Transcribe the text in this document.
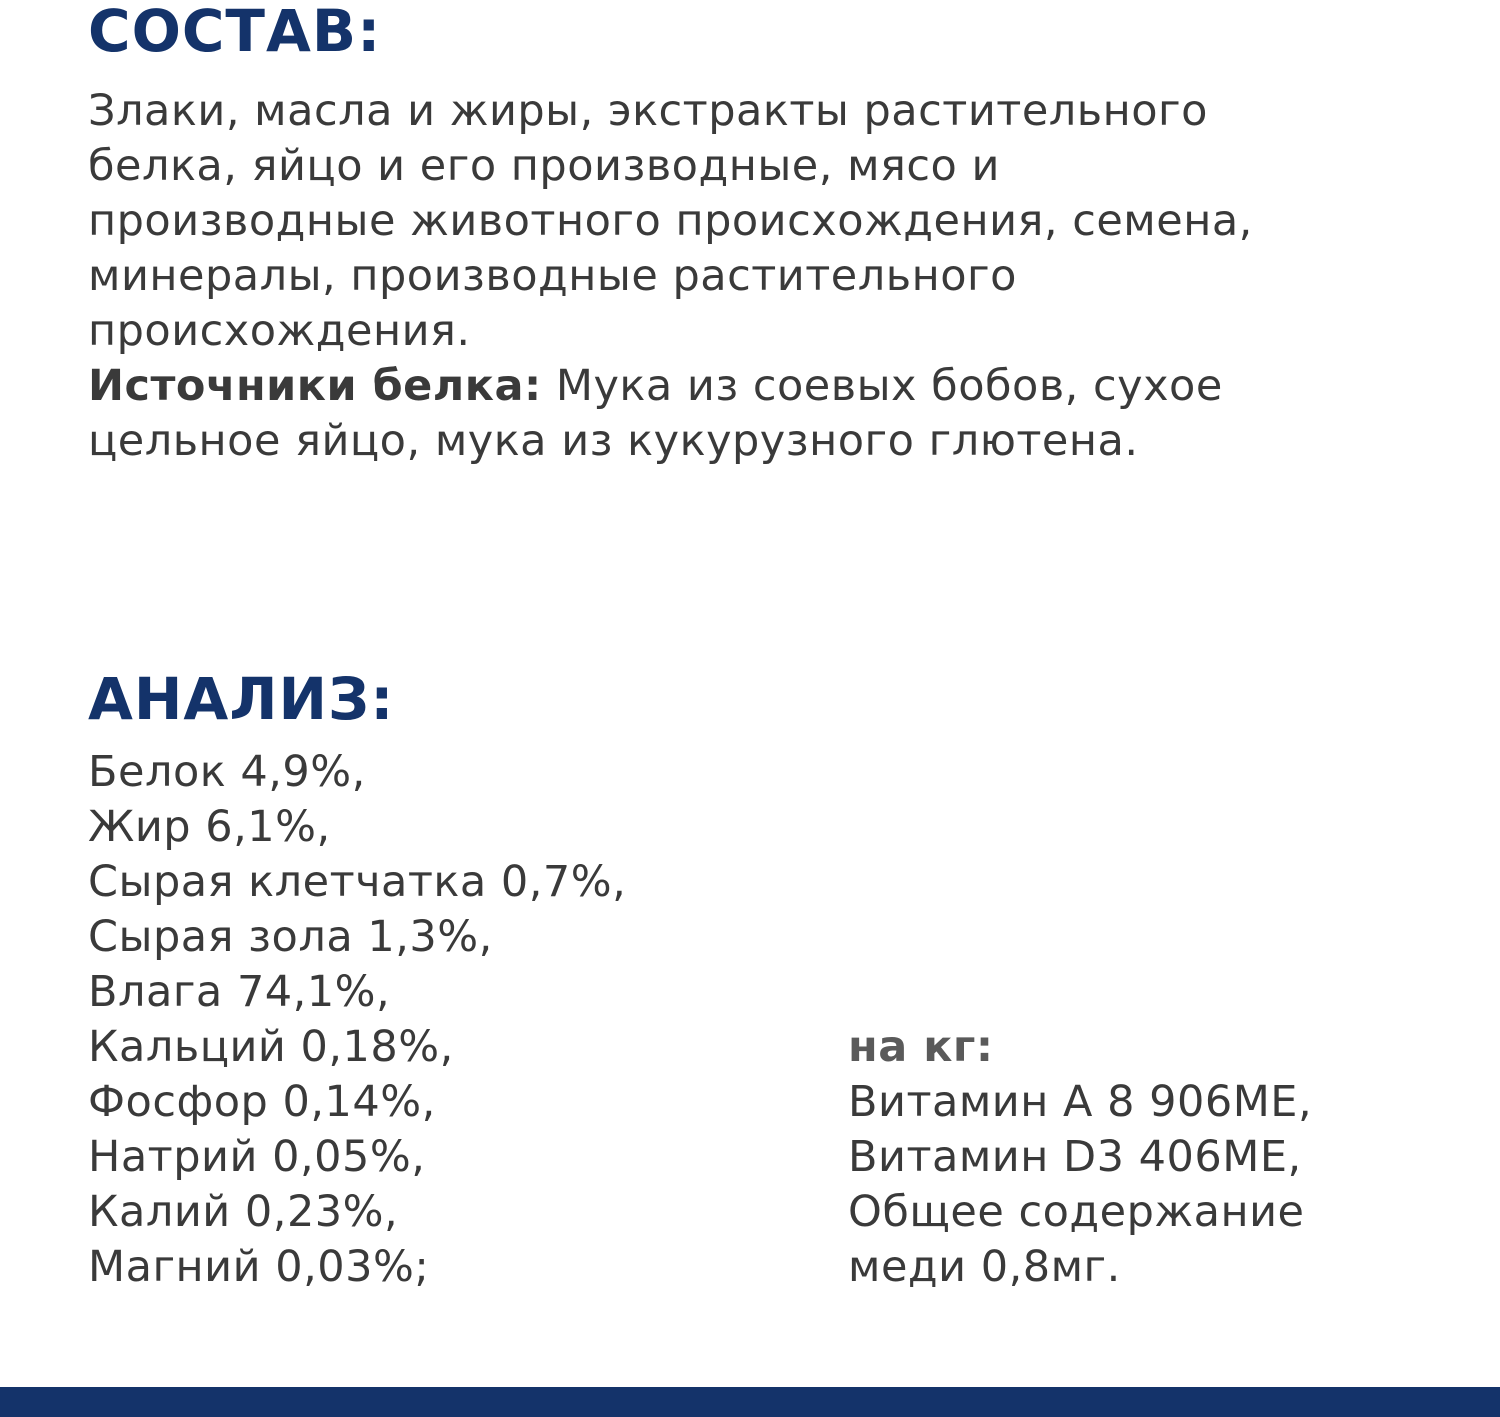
СОСТАВ:
Злаки, масла и жиры, экстракты растительного
белка, яйцо и его производные, мясо и
производные животного происхождения, семена,
минералы, производные растительного
происхождения.
Источники белка: Мука из соевых бобов, сухое
цельное яйцо, мука из кукурузного глютена.
АНАЛИЗ:
Белок 4,9%,
Жир 6,1%,
Сырая клетчатка 0,7%,
Сырая зола 1,3%,
Влага 74,1%,
Кальций 0,18%,
Фосфор 0,14%,
Натрий 0,05%,
Калий 0,23%,
Магний 0,03%;
на кг:
Витамин А 8 906МЕ,
Витамин D3 406МЕ,
Общее содержание
меди 0,8мг.
